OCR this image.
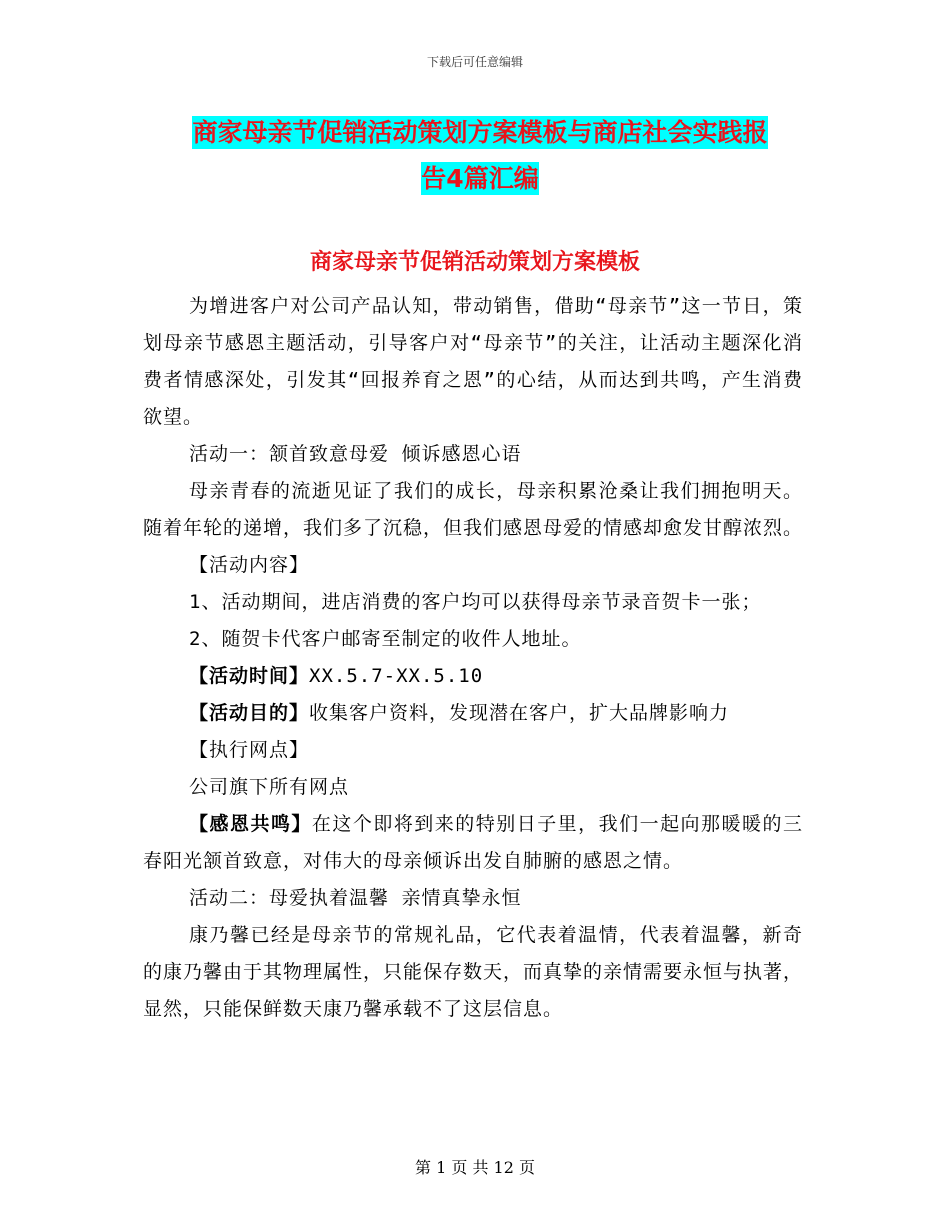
下载后可任意编辑
商家母亲节促销活动策划方案模板与商店社会实践报
告4篇汇编
商家母亲节促销活动策划方案模板

为增进客户对公司产品认知，带动销售，借助“母亲节”这一节日，策划母亲节感恩主题活动，引导客户对“母亲节”的关注，让活动主题深化消费者情感深处，引发其“回报养育之恩”的心结，从而达到共鸣，产生消费欲望。

活动一：颔首致意母爱 倾诉感恩心语

母亲青春的流逝见证了我们的成长，母亲积累沧桑让我们拥抱明天。随着年轮的递增，我们多了沉稳，但我们感恩母爱的情感却愈发甘醇浓烈。

【活动内容】

1、活动期间，进店消费的客户均可以获得母亲节录音贺卡一张；

2、随贺卡代客户邮寄至制定的收件人地址。

【活动时间】XX.5.7-XX.5.10

【活动目的】收集客户资料，发现潜在客户，扩大品牌影响力

【执行网点】

公司旗下所有网点

【感恩共鸣】在这个即将到来的特别日子里，我们一起向那暖暖的三春阳光颔首致意，对伟大的母亲倾诉出发自肺腑的感恩之情。

活动二：母爱执着温馨 亲情真挚永恒

康乃馨已经是母亲节的常规礼品，它代表着温情，代表着温馨，新奇的康乃馨由于其物理属性，只能保存数天，而真挚的亲情需要永恒与执著，显然，只能保鲜数天康乃馨承载不了这层信息。

第 1 页 共 12 页
